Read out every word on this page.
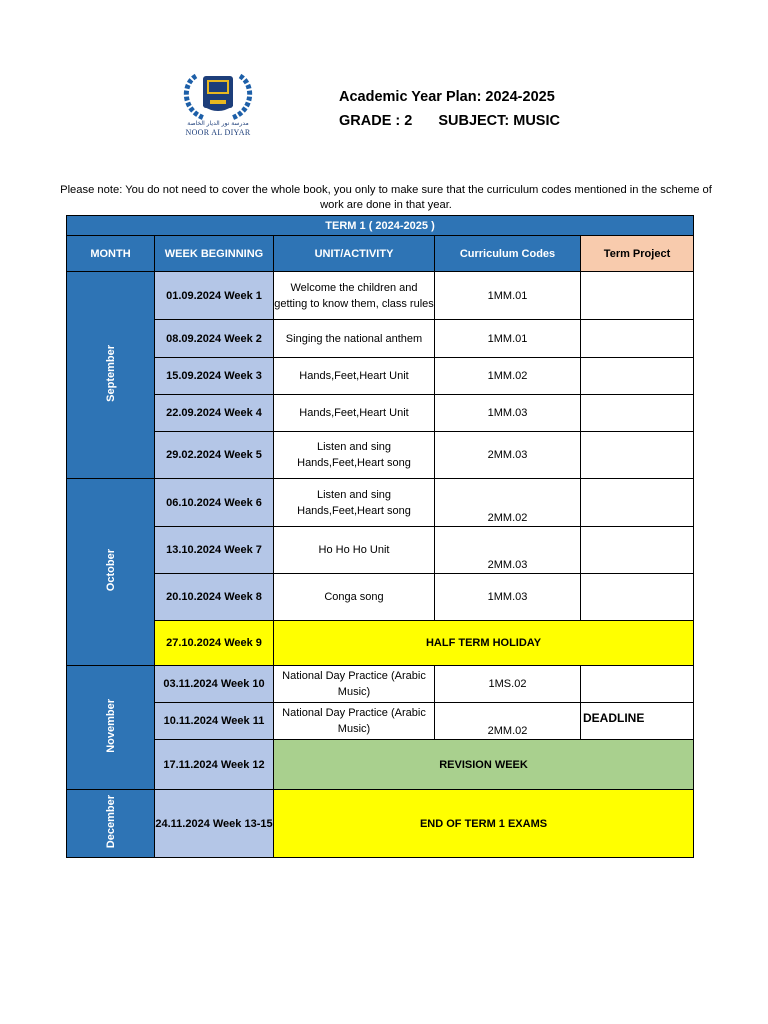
مدرسة نور الديار الخاصة
NOOR AL DIYAR
Academic Year Plan: 2024-2025
GRADE : 2 SUBJECT: MUSIC
Please note: You do not need to cover the whole book, you only to make sure that the curriculum codes mentioned in the scheme of work are done in that year.
TERM 1 ( 2024-2025 )				
MONTH	WEEK BEGINNING	UNIT/ACTIVITY	Curriculum Codes	Term Project
September	01.09.2024 Week 1	Welcome the children and getting to know them, class rules	1MM.01	
	08.09.2024 Week 2	Singing the national anthem	1MM.01	
	15.09.2024 Week 3	Hands,Feet,Heart Unit	1MM.02	
	22.09.2024 Week 4	Hands,Feet,Heart Unit	1MM.03	
	29.02.2024 Week 5	Listen and sing Hands,Feet,Heart song	2MM.03	
October	06.10.2024 Week 6	Listen and sing Hands,Feet,Heart song	2MM.02	
	13.10.2024 Week 7	Ho Ho Ho Unit	2MM.03	
	20.10.2024 Week 8	Conga song	1MM.03	
	27.10.2024 Week 9	HALF TERM HOLIDAY		
November	03.11.2024 Week 10	National Day Practice (Arabic Music)	1MS.02	
	10.11.2024 Week 11	National Day Practice (Arabic Music)	2MM.02	DEADLINE
	17.11.2024 Week 12	REVISION WEEK		
December	24.11.2024 Week 13-15	END OF TERM 1 EXAMS		
